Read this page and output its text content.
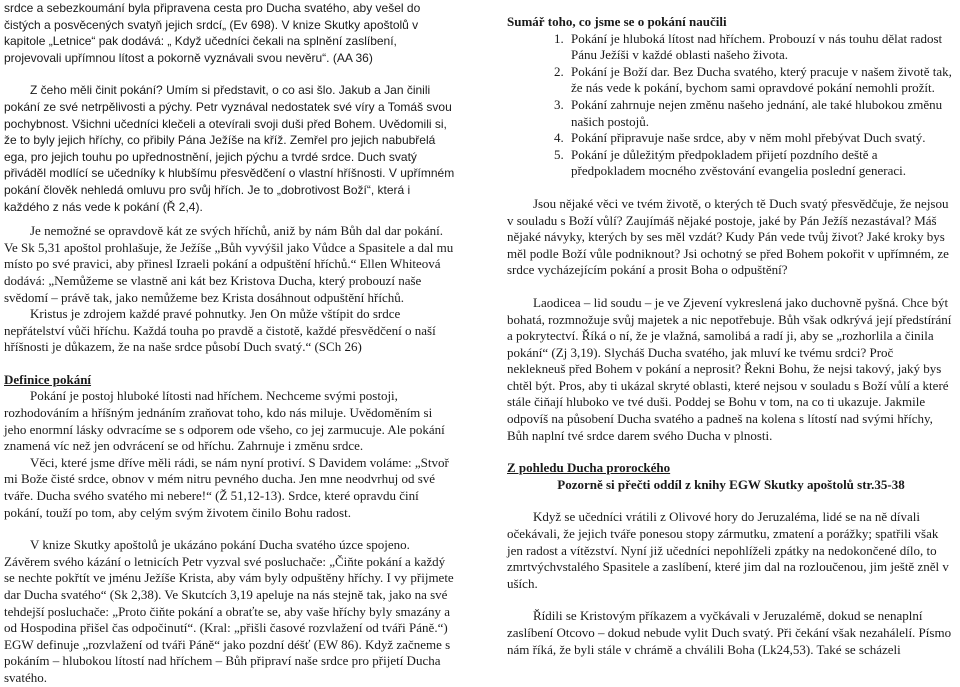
srdce a sebezkoumání byla připravena cesta pro Ducha svatého, aby vešel do čistých a posvěcených svatyň jejich srdcí„ (Ev 698). V knize Skutky apoštolů v kapitole „Letnice“ pak dodává: „ Když učedníci čekali na splnění zaslíbení, projevovali upřímnou lítost a pokorně vyznávali svou nevěru“. (AA 36)

Z čeho měli činit pokání? Umím si představit, o co asi šlo. Jakub a Jan činili pokání ze své netrpělivosti a pýchy. Petr vyznával nedostatek své víry a Tomáš svou pochybnost. Všichni učedníci klečeli a otevírali svoji duši před Bohem. Uvědomili si, že to byly jejich hříchy, co přibily Pána Ježíše na kříž. Zemřel pro jejich nabubřelá ega, pro jejich touhu po upřednostnění, jejich pýchu a tvrdé srdce. Duch svatý přiváděl modlící se učedníky k hlubšímu přesvědčení o vlastní hříšnosti. V upřímném pokání člověk nehledá omluvu pro svůj hřích. Je to „dobrotivost Boží“, která i každého z nás vede k pokání (Ř 2,4).

Je nemožné se opravdově kát ze svých hříchů, aniž by nám Bůh dal dar pokání. Ve Sk 5,31 apoštol prohlašuje, že Ježíše „Bůh vyvýšil jako Vůdce a Spasitele a dal mu místo po své pravici, aby přinesl Izraeli pokání a odpuštění hříchů.“ Ellen Whiteová dodává: „Nemůžeme se vlastně ani kát bez Kristova Ducha, který probouzí naše svědomí – právě tak, jako nemůžeme bez Krista dosáhnout odpuštění hříchů.

Kristus je zdrojem každé pravé pohnutky. Jen On může vštípit do srdce nepřátelství vůči hříchu. Každá touha po pravdě a čistotě, každé přesvědčení o naší hříšnosti je důkazem, že na naše srdce působí Duch svatý.“ (SCh 26)

Definice pokání

Pokání je postoj hluboké lítosti nad hříchem. Nechceme svými postoji, rozhodováním a hříšným jednáním zraňovat toho, kdo nás miluje. Uvědoměním si jeho enormní lásky odvracíme se s odporem ode všeho, co jej zarmucuje. Ale pokání znamená víc než jen odvrácení se od hříchu. Zahrnuje i změnu srdce.

Věci, které jsme dříve měli rádi, se nám nyní protiví. S Davidem voláme: „Stvoř mi Bože čisté srdce, obnov v mém nitru pevného ducha. Jen mne neodvrhuj od své tváře. Ducha svého svatého mi nebere!“ (Ž 51,12-13). Srdce, které opravdu činí pokání, touží po tom, aby celým svým životem činilo Bohu radost.

V knize Skutky apoštolů je ukázáno pokání Ducha svatého úzce spojeno. Závěrem svého kázání o letnicích Petr vyzval své posluchače: „Čiňte pokání a každý se nechte pokřtít ve jménu Ježíše Krista, aby vám byly odpuštěny hříchy. I vy přijmete dar Ducha svatého“ (Sk 2,38). Ve Skutcích 3,19 apeluje na nás stejně tak, jako na své tehdejší posluchače: „Proto čiňte pokání a obraťte se, aby vaše hříchy byly smazány a od Hospodina přišel čas odpočinutí“. (Kral: „přišli časové rozvlažení od tváři Páně.“) EGW definuje „rozvlažení od tváři Páně“ jako pozdní déšť (EW 86). Když začneme s pokáním – hlubokou lítostí nad hříchem – Bůh připraví naše srdce pro přijetí Ducha svatého.

Sumář toho, co jsme se o pokání naučili

1. Pokání je hluboká lítost nad hříchem. Probouzí v nás touhu dělat radost Pánu Ježíši v každé oblasti našeho života.
2. Pokání je Boží dar. Bez Ducha svatého, který pracuje v našem životě tak, že nás vede k pokání, bychom sami opravdové pokání nemohli prožít.
3. Pokání zahrnuje nejen změnu našeho jednání, ale také hlubokou změnu našich postojů.
4. Pokání připravuje naše srdce, aby v něm mohl přebývat Duch svatý.
5. Pokání je důležitým předpokladem přijetí pozdního deště a předpokladem mocného zvěstování evangelia poslední generaci.

Jsou nějaké věci ve tvém životě, o kterých tě Duch svatý přesvědčuje, že nejsou v souladu s Boží vůlí? Zaujímáš nějaké postoje, jaké by Pán Ježíš nezastával? Máš nějaké návyky, kterých by ses měl vzdát? Kudy Pán vede tvůj život? Jaké kroky bys měl podle Boží vůle podniknout? Jsi ochotný se před Bohem pokořit v upřímném, ze srdce vycházejícím pokání a prosit Boha o odpuštění?

Laodicea – lid soudu – je ve Zjevení vykreslená jako duchovně pyšná. Chce být bohatá, rozmnožuje svůj majetek a nic nepotřebuje. Bůh však odkrývá její předstírání a pokrytectví. Říká o ní, že je vlažná, samolibá a radí ji, aby se „rozhorlila a činila pokání“ (Zj 3,19). Slycháš Ducha svatého, jak mluví ke tvému srdci? Proč neklekneuš před Bohem v pokání a neprosit? Řekni Bohu, že nejsi takový, jaký bys chtěl být. Pros, aby ti ukázal skryté oblasti, které nejsou v souladu s Boží vůlí a které stále čiňají hluboko ve tvé duši. Poddej se Bohu v tom, na co ti ukazuje. Jakmile odpovíš na působení Ducha svatého a padneš na kolena s lítostí nad svými hříchy, Bůh naplní tvé srdce darem svého Ducha v plnosti.

Z pohledu Ducha prorockého

Pozorně si přečti oddíl z knihy EGW Skutky apoštolů str.35-38

Když se učedníci vrátili z Olivové hory do Jeruzaléma, lidé se na ně dívali očekávali, že jejich tváře ponesou stopy zármutku, zmatení a porážky; spatřili však jen radost a vítězství. Nyní již učedníci nepohlíželi zpátky na nedokončené dílo, to zmrtvýchvstalého Spasitele a zaslíbení, které jim dal na rozloučenou, jim ještě zněl v uších.

Řídili se Kristovým příkazem a vyčkávali v Jeruzalémě, dokud se nenaplní zaslíbení Otcovo – dokud nebude vylit Duch svatý. Při čekání však nezahálelí. Písmo nám říká, že byli stále v chrámě a chválili Boha (Lk24,53). Také se scházeli
